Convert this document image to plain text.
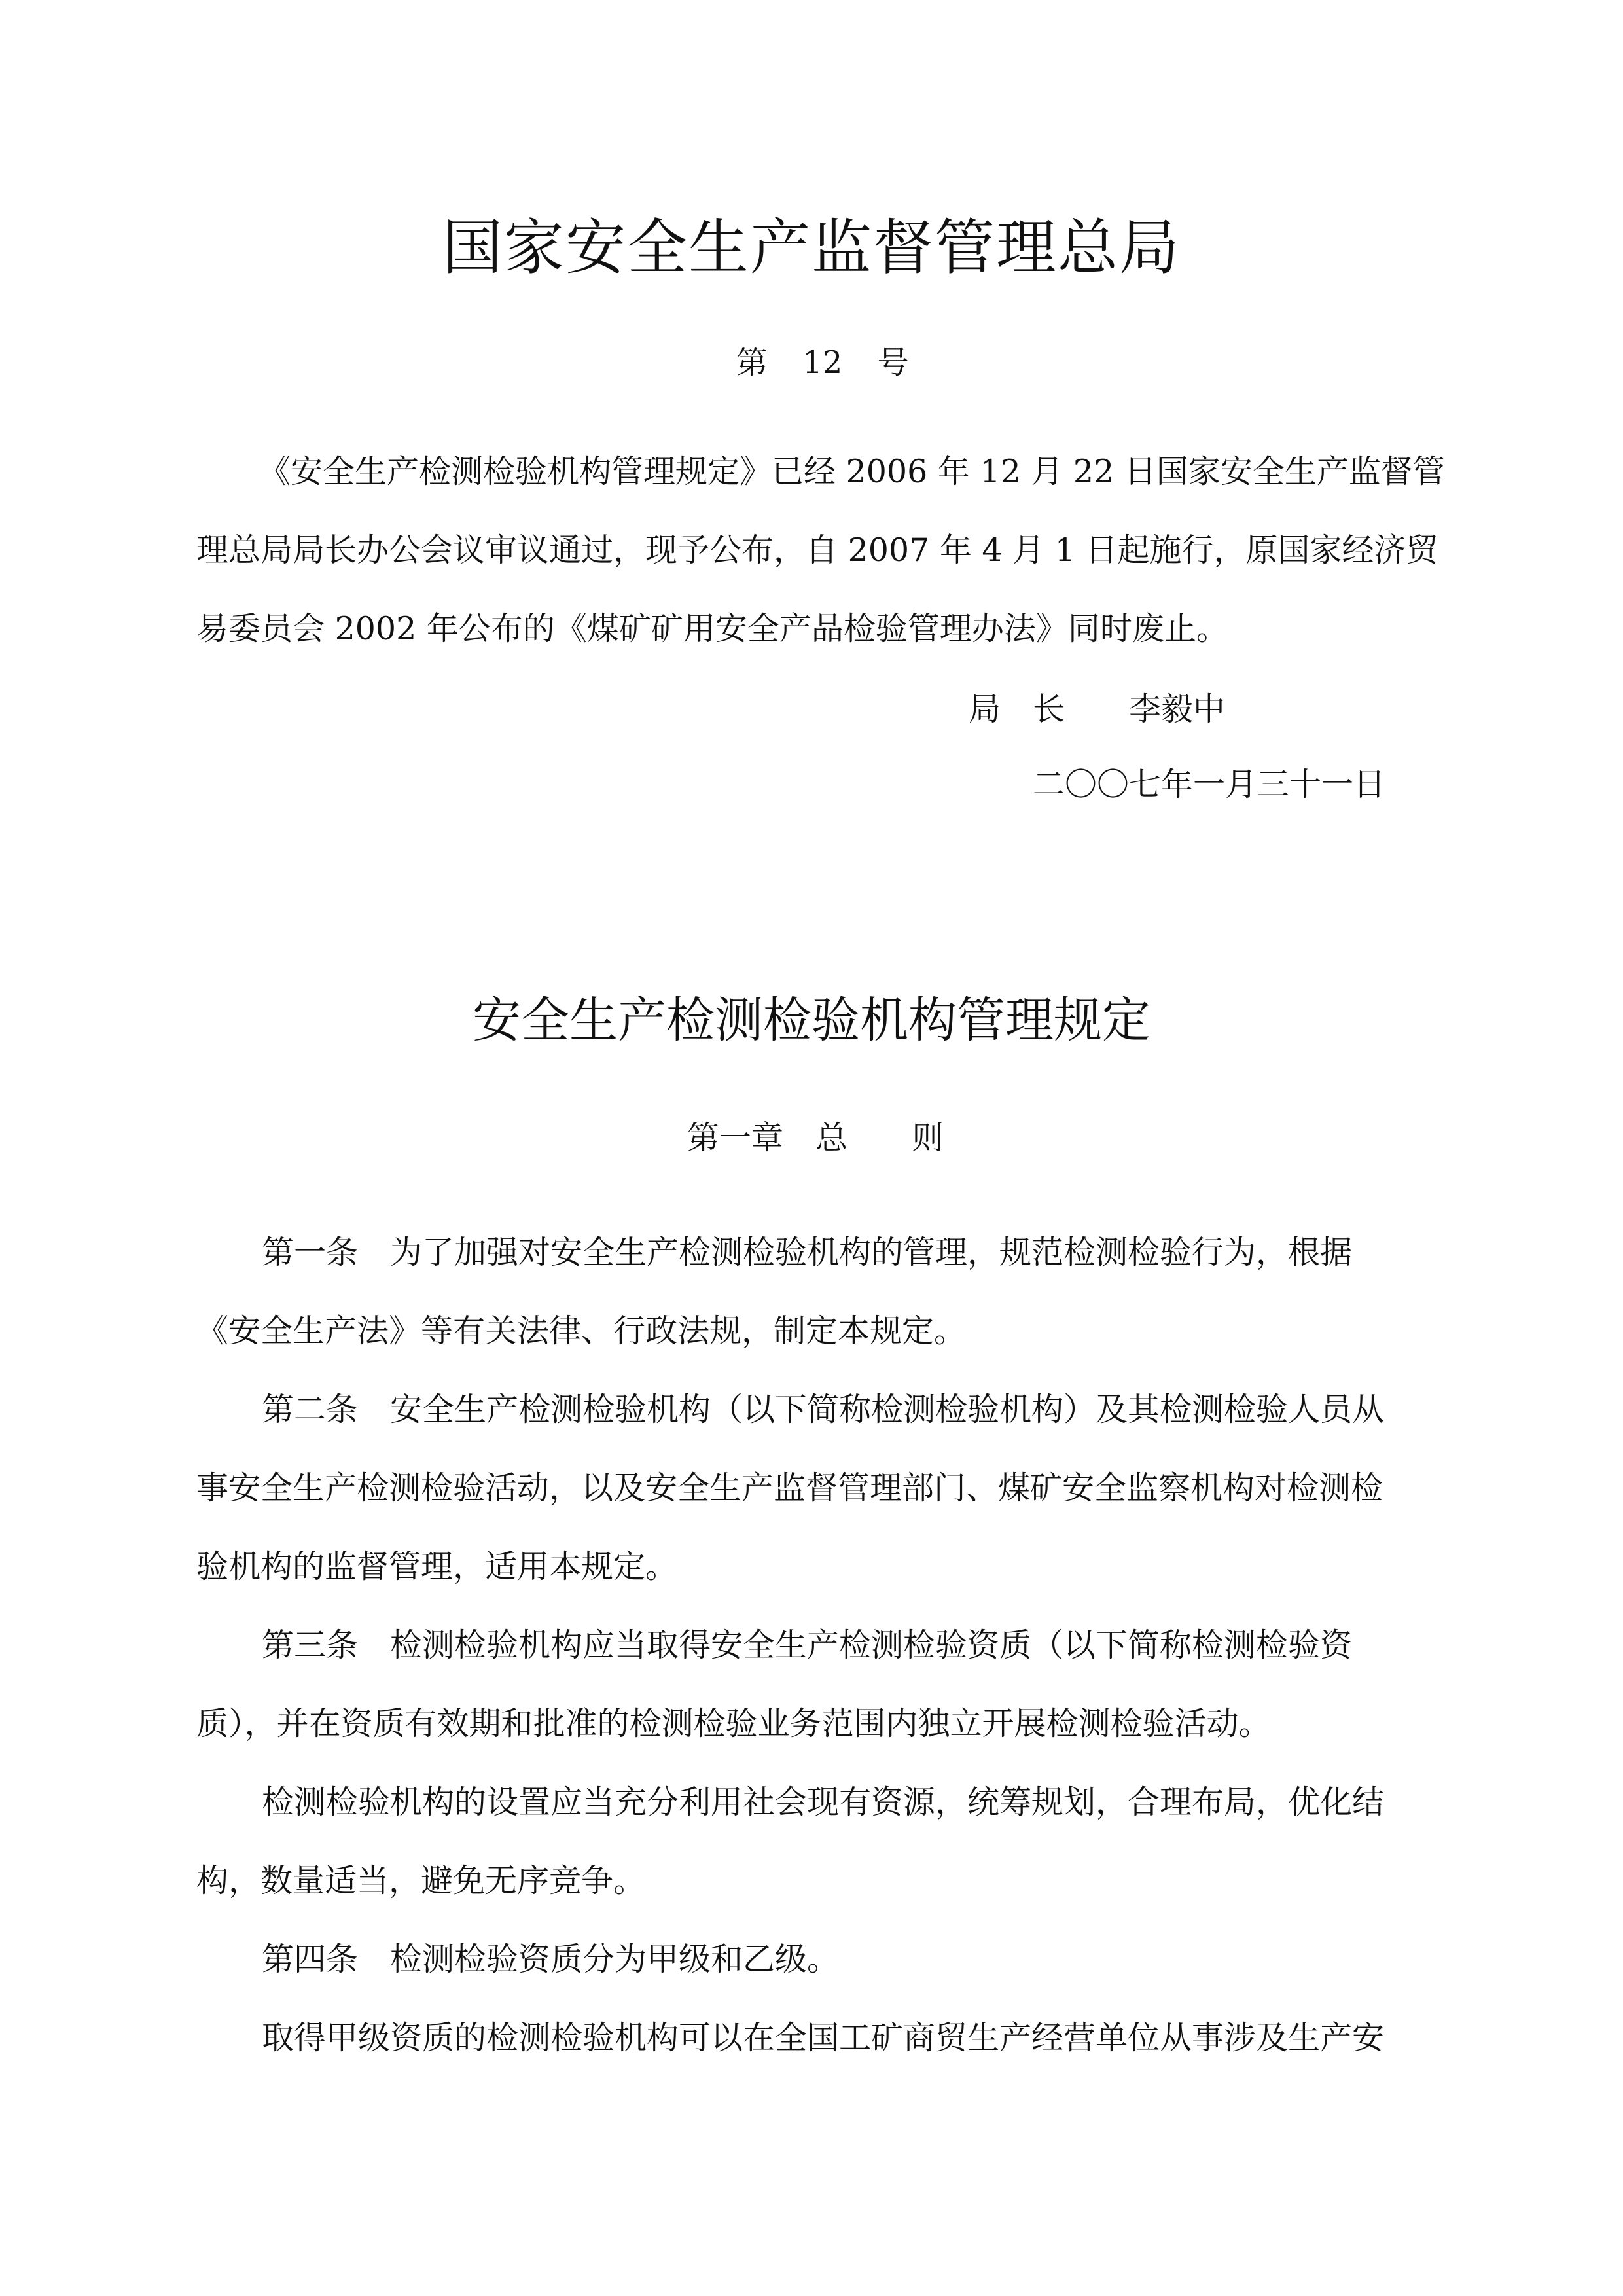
国家安全生产监督管理总局
第 12 号
《安全生产检测检验机构管理规定》已经 2006 年 12 月 22 日国家安全生产监督管
理总局局长办公会议审议通过，现予公布，自 2007 年 4 月 1 日起施行，原国家经济贸
易委员会 2002 年公布的《煤矿矿用安全产品检验管理办法》同时废止。
局　长　　李毅中
二〇〇七年一月三十一日
安全生产检测检验机构管理规定
第一章　总　　则
第一条　 为了加强对安全生产检测检验机构的管理，规范检测检验行为，根据
《安全生产法》等有关法律、行政法规，制定本规定。
第二条　 安全生产检测检验机构（以下简称检测检验机构）及其检测检验人员从
事安全生产检测检验活动，以及安全生产监督管理部门、煤矿安全监察机构对检测检
验机构的监督管理，适用本规定。
第三条　 检测检验机构应当取得安全生产检测检验资质（以下简称检测检验资
质），并在资质有效期和批准的检测检验业务范围内独立开展检测检验活动。
检测检验机构的设置应当充分利用社会现有资源，统筹规划，合理布局，优化结
构，数量适当，避免无序竞争。
第四条　 检测检验资质分为甲级和乙级。
取得甲级资质的检测检验机构可以在全国工矿商贸生产经营单位从事涉及生产安
